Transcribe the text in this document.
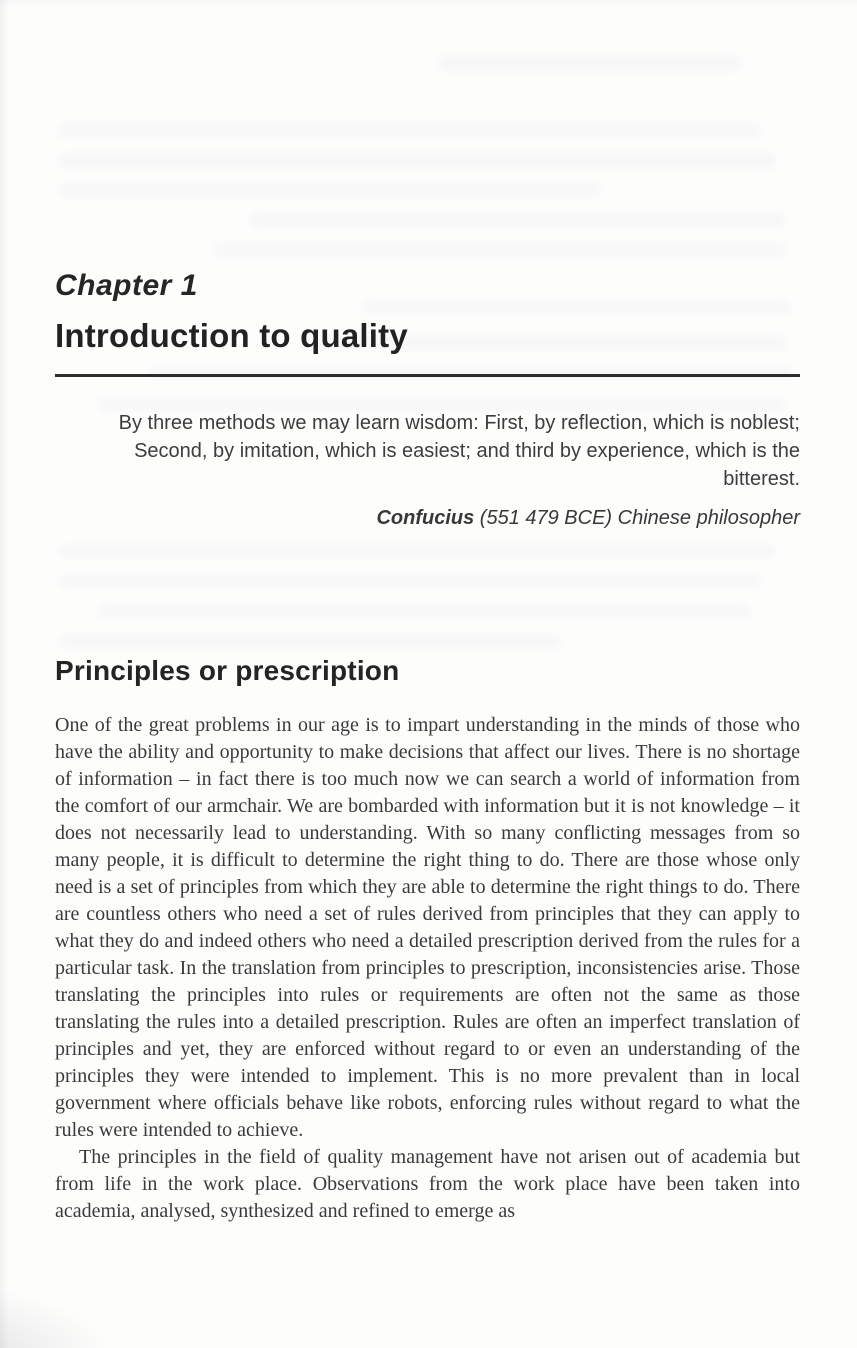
Chapter 1
Introduction to quality

By three methods we may learn wisdom: First, by reflection, which is noblest; Second, by imitation, which is easiest; and third by experience, which is the bitterest.

Confucius (551 479 BCE) Chinese philosopher

Principles or prescription

One of the great problems in our age is to impart understanding in the minds of those who have the ability and opportunity to make decisions that affect our lives. There is no shortage of information – in fact there is too much now we can search a world of information from the comfort of our armchair. We are bombarded with information but it is not knowledge – it does not necessarily lead to understanding. With so many conflicting messages from so many people, it is difficult to determine the right thing to do. There are those whose only need is a set of principles from which they are able to determine the right things to do. There are countless others who need a set of rules derived from principles that they can apply to what they do and indeed others who need a detailed prescription derived from the rules for a particular task. In the translation from principles to prescription, inconsistencies arise. Those translating the principles into rules or requirements are often not the same as those translating the rules into a detailed prescription. Rules are often an imperfect translation of principles and yet, they are enforced without regard to or even an understanding of the principles they were intended to implement. This is no more prevalent than in local government where officials behave like robots, enforcing rules without regard to what the rules were intended to achieve.

The principles in the field of quality management have not arisen out of academia but from life in the work place. Observations from the work place have been taken into academia, analysed, synthesized and refined to emerge as
